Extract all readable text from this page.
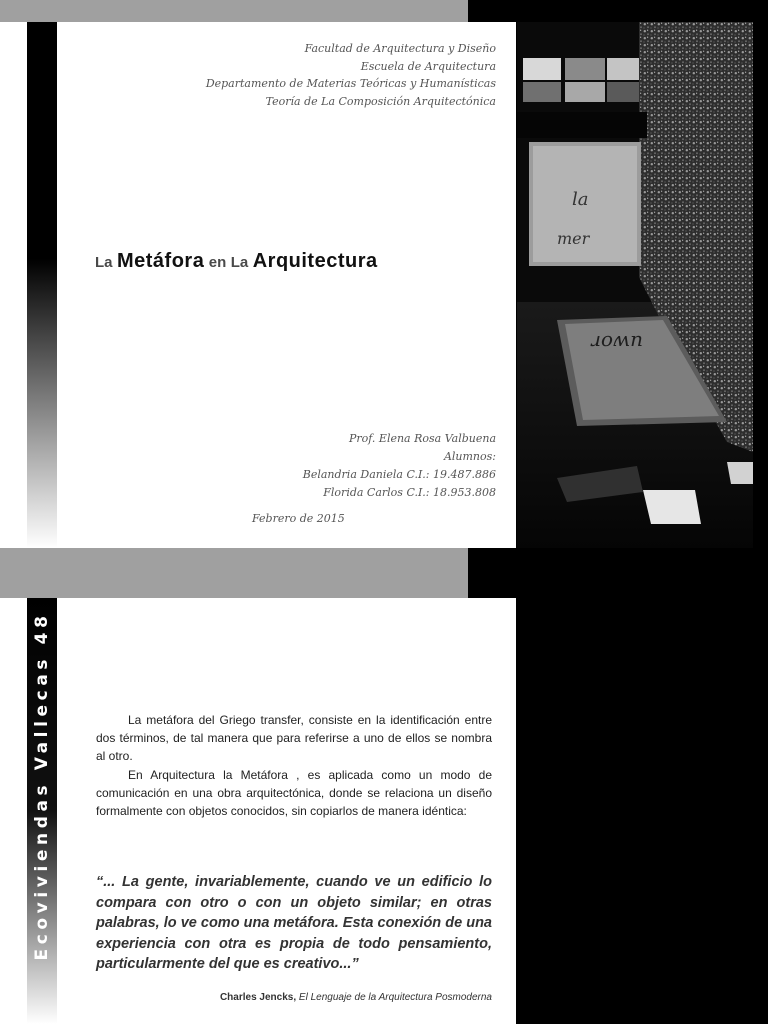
Facultad de Arquitectura y Diseño
Escuela de Arquitectura
Departamento de Materias Teóricas y Humanísticas
Teoría de La Composición Arquitectónica
La Metáfora en La Arquitectura
Prof. Elena Rosa Valbuena
Alumnos:
Belandria Daniela C.I.: 19.487.886
Florida Carlos C.I.: 18.953.808
Febrero de 2015
la
mer
uwor
Ecoviviendas Vallecas 48	La metáfora del Griego transfer, consiste en la identificación entre dos términos, de tal manera que para referirse a uno de ellos se nombra al otro.

En Arquitectura la Metáfora , es aplicada como un modo de comunicación en una obra arquitectónica, donde se relaciona un diseño formalmente con objetos conocidos, sin copiarlos de manera idéntica:

“... La gente, invariablemente, cuando ve un edificio lo compara con otro o con un objeto similar; en otras palabras, lo ve como una metáfora. Esta conexión de una experiencia con otra es propia de todo pensamiento, particularmente del que es creativo...”
Charles Jencks, El Lenguaje de la Arquitectura Posmoderna
